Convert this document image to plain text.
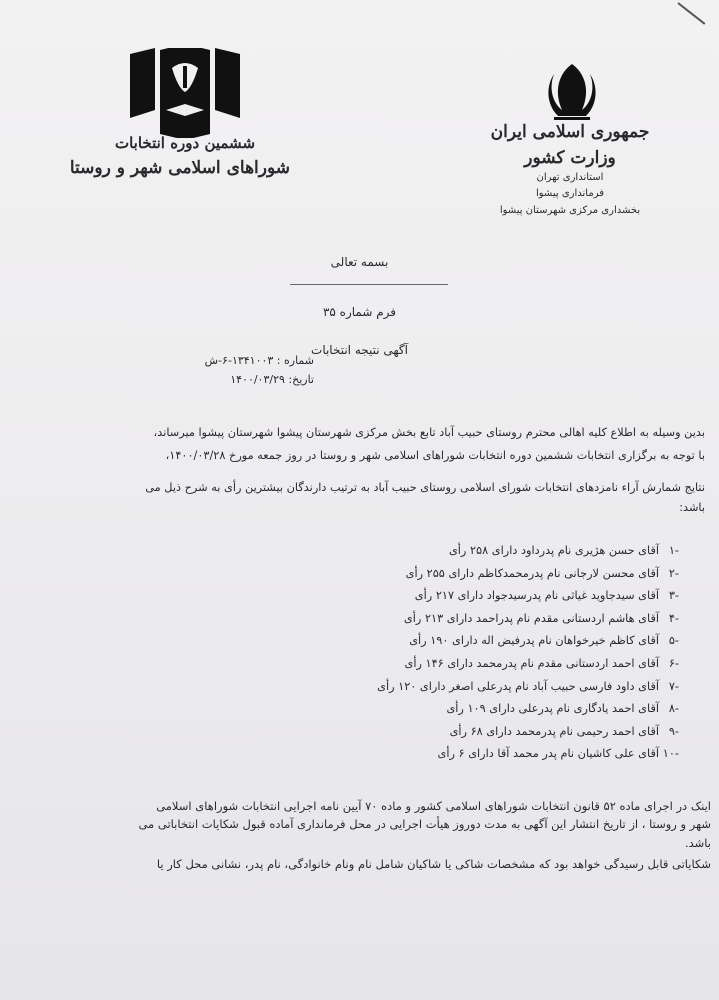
ششمین دوره انتخابات
شوراهای اسلامی شهر و روستا
جمهوری اسلامی ایران
وزارت کشور
استانداری تهران
فرمانداری پیشوا
بخشداری مرکزی شهرستان پیشوا
بسمه تعالی
فرم شماره ۳۵
آگهی نتیجه انتخابات
شماره : ۱۳۴۱۰۰۳-۶-ش
تاریخ: ۱۴۰۰/۰۳/۲۹
بدین وسیله به اطلاع کلیه اهالی محترم روستای حبیب آباد تابع بخش مرکزی شهرستان پیشوا شهرستان پیشوا میرساند،
با توجه به برگزاری انتخابات ششمین دوره انتخابات شوراهای اسلامی شهر و روستا در روز جمعه مورخ ۱۴۰۰/۰۳/۲۸،
نتایج شمارش آراء نامزدهای انتخابات شورای اسلامی روستای حبیب آباد به ترتیب دارندگان بیشترین رأی به شرح ذیل می
باشد:
-۱
آقای حسن هژیری نام پدرداود دارای ۲۵۸ رأی
-۲
آقای محسن لارجانی نام پدرمحمدکاظم دارای ۲۵۵ رأی
-۳
آقای سیدجاوید غیاثی نام پدرسیدجواد دارای ۲۱۷ رأی
-۴
آقای هاشم اردستانی مقدم نام پدراحمد دارای ۲۱۳ رأی
-۵
آقای کاظم خیرخواهان نام پدرفیض اله دارای ۱۹۰ رأی
-۶
آقای احمد اردستانی مقدم نام پدرمحمد دارای ۱۴۶ رأی
-۷
آقای داود فارسی حبیب آباد نام پدرعلی اصغر دارای ۱۲۰ رأی
-۸
آقای احمد یادگاری نام پدرعلی دارای ۱۰۹ رأی
-۹
آقای احمد رحیمی نام پدرمحمد دارای ۶۸ رأی
-۱۰
آقای علی کاشیان نام پدر محمد آقا دارای ۶ رأی
اینک در اجرای ماده ۵۲ قانون انتخابات شوراهای اسلامی کشور و ماده ۷۰ آیین نامه اجرایی انتخابات شوراهای اسلامی
شهر و روستا ، از تاریخ انتشار این آگهی به مدت دوروز هیأت اجرایی در محل فرمانداری آماده قبول شکایات انتخاباتی می
باشد.
شکایاتی قابل رسیدگی خواهد بود که مشخصات شاکی یا شاکیان شامل نام ونام خانوادگی، نام پدر، نشانی محل کار یا
